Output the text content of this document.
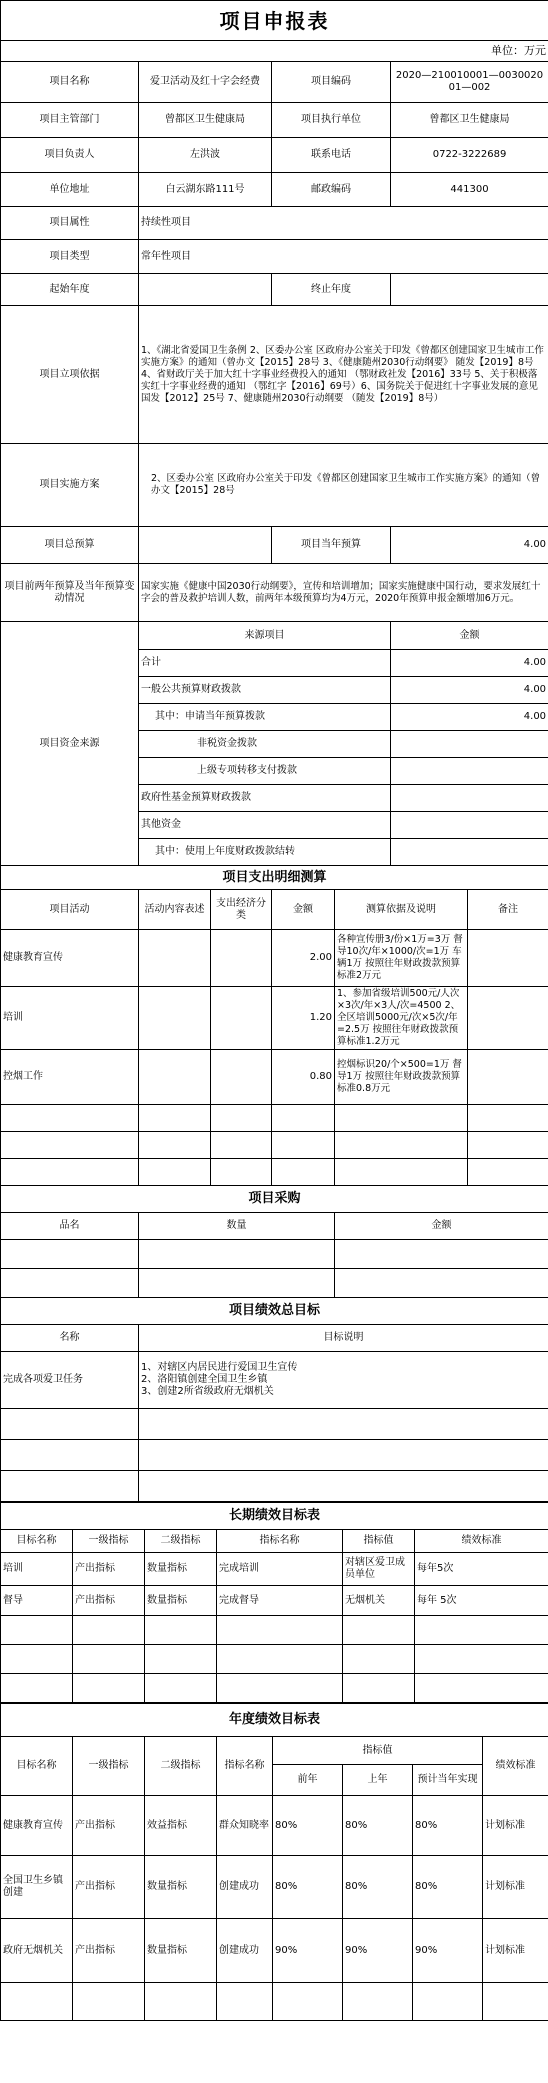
项目申报表						
单位：万元						
项目名称	爱卫活动及红十字会经费		项目编码		2020—210010001—003002001—002	
项目主管部门	曾都区卫生健康局		项目执行单位		曾都区卫生健康局	
项目负责人	左洪波		联系电话		0722-3222689	
单位地址	白云湖东路111号		邮政编码		441300	
项目属性	持续性项目					
项目类型	常年性项目					
起始年度			终止年度			
项目立项依据	1、《湖北省爱国卫生条例 2、区委办公室 区政府办公室关于印发《曾都区创建国家卫生城市工作实施方案》的通知（曾办文【2015】28号 3、《健康随州2030行动纲要》 随发【2019】8号 4、省财政厅关于加大红十字事业经费投入的通知 （鄂财政社发【2016】33号 5、关于积极落实红十字事业经费的通知 （鄂红字【2016】69号）6、国务院关于促进红十字事业发展的意见 国发【2012】25号 7、健康随州2030行动纲要 （随发【2019】8号）					
项目实施方案	2、区委办公室 区政府办公室关于印发《曾都区创建国家卫生城市工作实施方案》的通知（曾办文【2015】28号					
项目总预算			项目当年预算		4.00	
项目前两年预算及当年预算变动情况	国家实施《健康中国2030行动纲要》，宣传和培训增加；国家实施健康中国行动，要求发展红十字会的普及救护培训人数，前两年本级预算均为4万元，2020年预算申报金额增加6万元。					
项目资金来源	来源项目				金额	
	合计				4.00	
	一般公共预算财政拨款				4.00	
	其中：申请当年预算拨款				4.00	
	非税资金拨款					
	上级专项转移支付拨款					
	政府性基金预算财政拨款					
	其他资金					
	其中：使用上年度财政拨款结转					
项目支出明细测算						
项目活动	活动内容表述	支出经济分类	金额	测算依据及说明		备注
健康教育宣传			2.00	各种宣传册3/份×1万=3万 督导10次/年×1000/次=1万 车辆1万 按照往年财政拨款预算标准2万元		
培训			1.20	1、参加省级培训500元/人次×3次/年×3人/次=4500 2、全区培训5000元/次×5次/年=2.5万 按照往年财政拨款预算标准1.2万元		
控烟工作			0.80	控烟标识20/个×500=1万 督导1万 按照往年财政拨款预算标准0.8万元		

项目采购						
品名	数量			金额		

项目绩效总目标						
名称	目标说明					
完成各项爱卫任务	1、对辖区内居民进行爱国卫生宣传
2、洛阳镇创建全国卫生乡镇
3、创建2所省级政府无烟机关					

长期绩效目标表					
目标名称	一级指标	二级指标	指标名称	指标值	绩效标准
培训	产出指标	数量指标	完成培训	对辖区爱卫成员单位	每年5次
督导	产出指标	数量指标	完成督导	无烟机关	每年 5次

年度绩效目标表							
目标名称	一级指标	二级指标	指标名称	指标值			绩效标准
				前年	上年	预计当年实现	
健康教育宣传	产出指标	效益指标	群众知晓率	80%	80%	80%	计划标准
全国卫生乡镇创建	产出指标	数量指标	创建成功	80%	80%	80%	计划标准
政府无烟机关	产出指标	数量指标	创建成功	90%	90%	90%	计划标准
